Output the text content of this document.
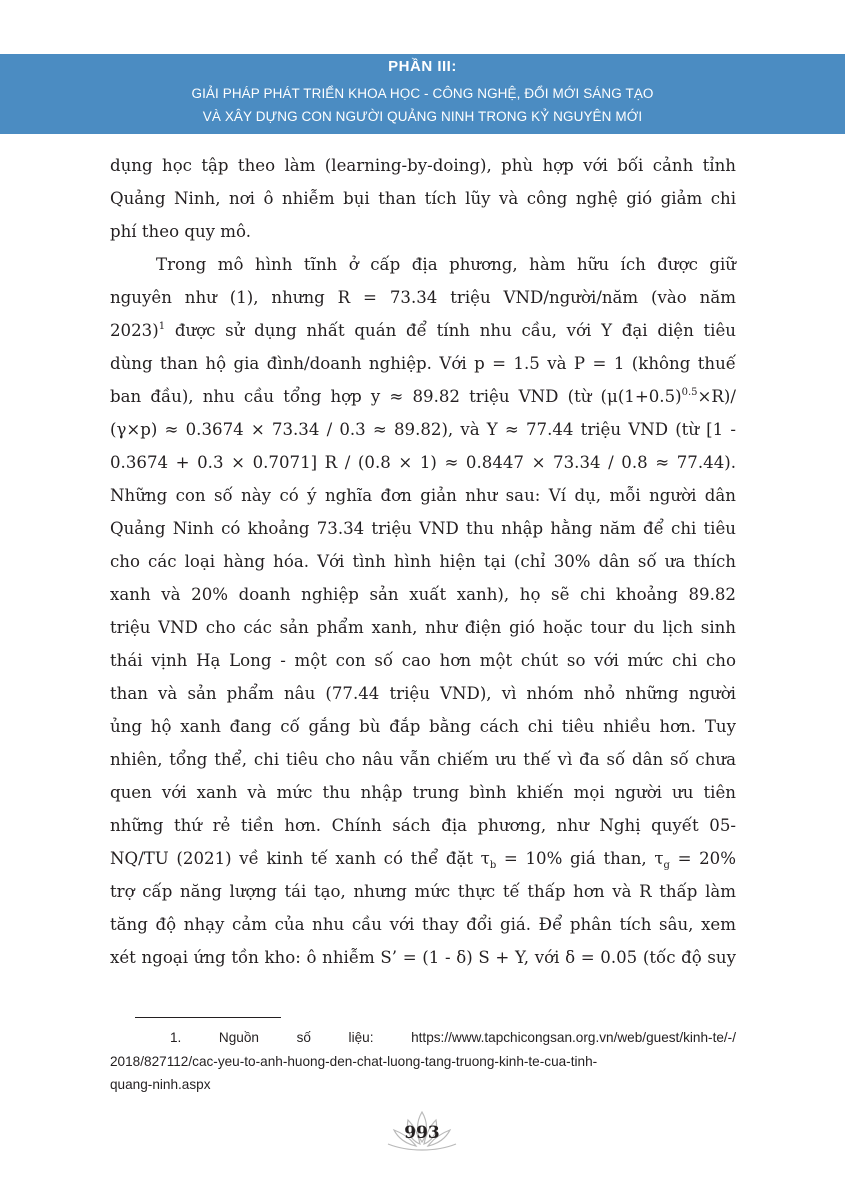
PHẦN III:
GIẢI PHÁP PHÁT TRIỂN KHOA HỌC - CÔNG NGHỆ, ĐỔI MỚI SÁNG TẠO
VÀ XÂY DỰNG CON NGƯỜI QUẢNG NINH TRONG KỶ NGUYÊN MỚI
dụng học tập theo làm (learning-by-doing), phù hợp với bối cảnh tỉnh
Quảng Ninh, nơi ô nhiễm bụi than tích lũy và công nghệ gió giảm chi
phí theo quy mô.
Trong mô hình tĩnh ở cấp địa phương, hàm hữu ích được giữ
nguyên như (1), nhưng R = 73.34 triệu VND/người/năm (vào năm
2023)$^1$ được sử dụng nhất quán để tính nhu cầu, với Y đại diện tiêu
dùng than hộ gia đình/doanh nghiệp. Với p = 1.5 và P = 1 (không thuế
ban đầu), nhu cầu tổng hợp y ≈ 89.82 triệu VND (từ $(\mu(1+0.5)^{0.5}\times R)/$
(γ×p) ≈ 0.3674 × 73.34 / 0.3 ≈ 89.82), và Y ≈ 77.44 triệu VND (từ [1 -
0.3674 + 0.3 × 0.7071] R / (0.8 × 1) ≈ 0.8447 × 73.34 / 0.8 ≈ 77.44).
Những con số này có ý nghĩa đơn giản như sau: Ví dụ, mỗi người dân
Quảng Ninh có khoảng 73.34 triệu VND thu nhập hằng năm để chi tiêu
cho các loại hàng hóa. Với tình hình hiện tại (chỉ 30% dân số ưa thích
xanh và 20% doanh nghiệp sản xuất xanh), họ sẽ chi khoảng 89.82
triệu VND cho các sản phẩm xanh, như điện gió hoặc tour du lịch sinh
thái vịnh Hạ Long - một con số cao hơn một chút so với mức chi cho
than và sản phẩm nâu (77.44 triệu VND), vì nhóm nhỏ những người
ủng hộ xanh đang cố gắng bù đắp bằng cách chi tiêu nhiều hơn. Tuy
nhiên, tổng thể, chi tiêu cho nâu vẫn chiếm ưu thế vì đa số dân số chưa
quen với xanh và mức thu nhập trung bình khiến mọi người ưu tiên
những thứ rẻ tiền hơn. Chính sách địa phương, như Nghị quyết 05-
NQ/TU (2021) về kinh tế xanh có thể đặt $\tau_b = 10\%$ giá than, $\tau_g = 20\%$
trợ cấp năng lượng tái tạo, nhưng mức thực tế thấp hơn và R thấp làm
tăng độ nhạy cảm của nhu cầu với thay đổi giá. Để phân tích sâu, xem
xét ngoại ứng tồn kho: ô nhiễm S’ = (1 - δ) S + Y, với δ = 0.05 (tốc độ suy
1. Nguồn số liệu: https://www.tapchicongsan.org.vn/web/guest/kinh-te/-/
2018/827112/cac-yeu-to-anh-huong-den-chat-luong-tang-truong-kinh-te-cua-tinh-
quang-ninh.aspx
993
